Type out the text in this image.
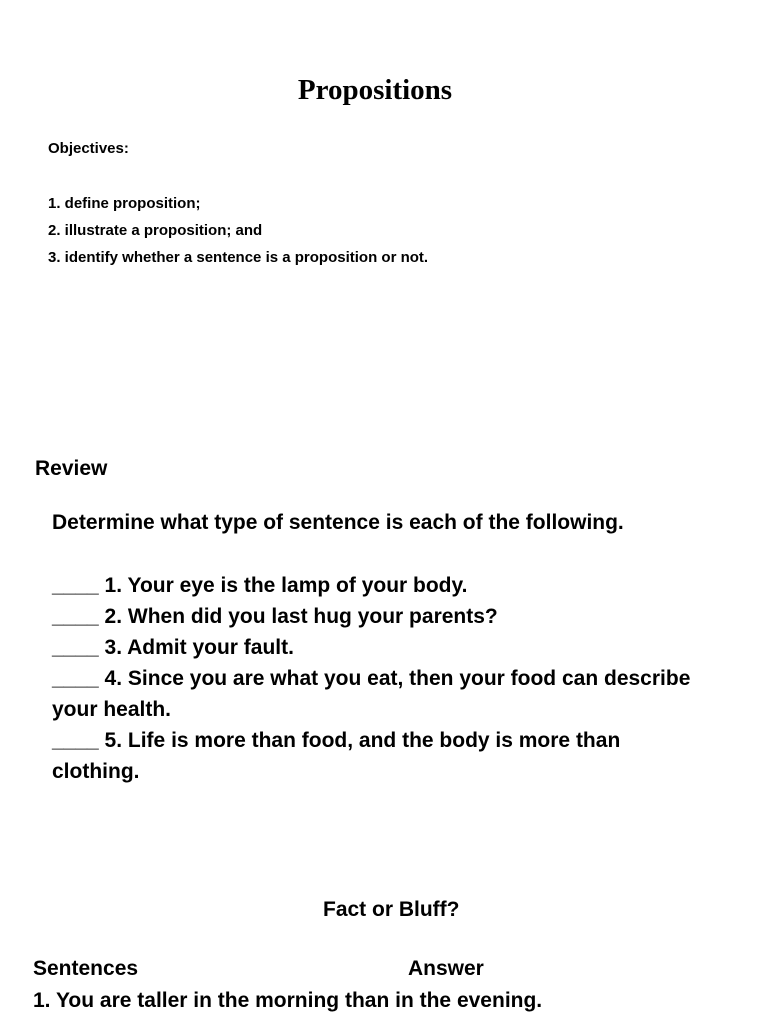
Propositions
Objectives:
1. define proposition;
2. illustrate a proposition; and
3. identify whether a sentence is a proposition or not.
Review
Determine what type of sentence is each of the following.
____ 1. Your eye is the lamp of your body.
____ 2. When did you last hug your parents?
____ 3. Admit your fault.
____ 4. Since you are what you eat, then your food can describe your health.
____ 5. Life is more than food, and the body is more than clothing.
Fact or Bluff?
Sentences	Answer
1. You are taller in the morning than in the evening.
